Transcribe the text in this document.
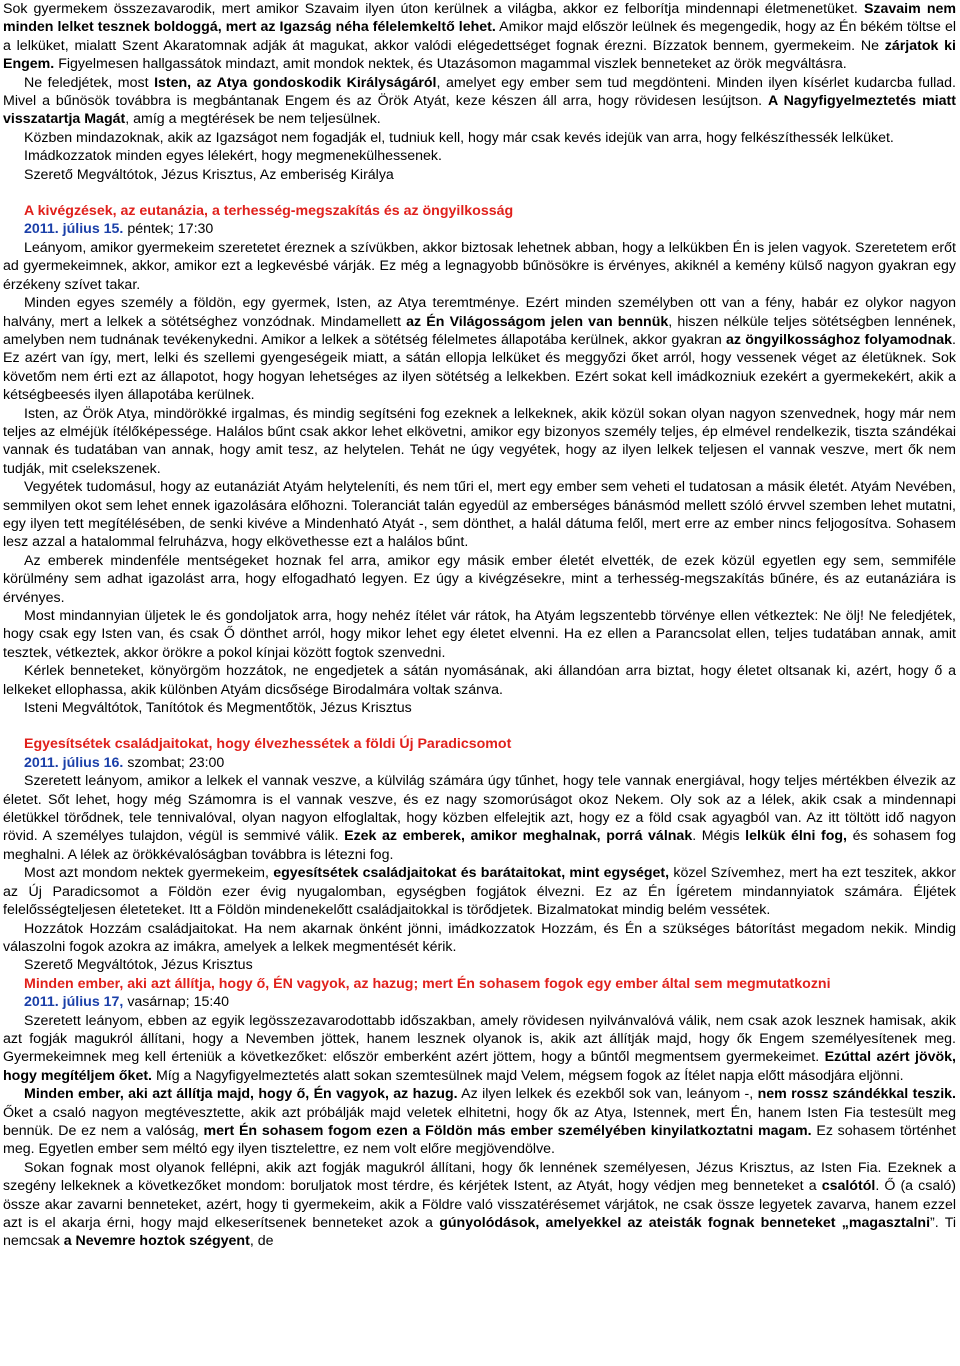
Sok gyermekem összezavarodik, mert amikor Szavaim ilyen úton kerülnek a világba, akkor ez felborítja mindennapi életmenetüket. Szavaim nem minden lelket tesznek boldoggá, mert az Igazság néha félelemkeltő lehet. Amikor majd először leülnek és megengedik, hogy az Én békém töltse el a lelküket, mialatt Szent Akaratomnak adják át magukat, akkor valódi elégedettséget fognak érezni. Bízzatok bennem, gyermekeim. Ne zárjatok ki Engem. Figyelmesen hallgassátok mindazt, amit mondok nektek, és Utazásomon magammal viszlek benneteket az örök megváltásra.

Ne feledjétek, most Isten, az Atya gondoskodik Királyságáról, amelyet egy ember sem tud megdönteni. Minden ilyen kísérlet kudarcba fullad. Mivel a bűnösök továbbra is megbántanak Engem és az Örök Atyát, keze készen áll arra, hogy rövidesen lesújtson. A Nagyfigyelmeztetés miatt visszatartja Magát, amíg a megtérések be nem teljesülnek.

Közben mindazoknak, akik az Igazságot nem fogadják el, tudniuk kell, hogy már csak kevés idejük van arra, hogy felkészíthessék lelküket.

Imádkozzatok minden egyes lélekért, hogy megmenekülhessenek.

Szerető Megváltótok, Jézus Krisztus, Az emberiség Királya

A kivégzések, az eutanázia, a terhesség-megszakítás és az öngyilkosság

2011. július 15. péntek; 17:30

Leányom, amikor gyermekeim szeretetet éreznek a szívükben, akkor biztosak lehetnek abban, hogy a lelkükben Én is jelen vagyok. Szeretetem erőt ad gyermekeimnek, akkor, amikor ezt a legkevésbé várják. Ez még a legnagyobb bűnösökre is érvényes, akiknél a kemény külső nagyon gyakran egy érzékeny szívet takar.

Minden egyes személy a földön, egy gyermek, Isten, az Atya teremtménye. Ezért minden személyben ott van a fény, habár ez olykor nagyon halvány, mert a lelkek a sötétséghez vonzódnak. Mindamellett az Én Világosságom jelen van bennük, hiszen nélküle teljes sötétségben lennének, amelyben nem tudnának tevékenykedni. Amikor a lelkek a sötétség félelmetes állapotába kerülnek, akkor gyakran az öngyilkossághoz folyamodnak. Ez azért van így, mert, lelki és szellemi gyengeségeik miatt, a sátán ellopja lelküket és meggyőzi őket arról, hogy vessenek véget az életüknek. Sok követőm nem érti ezt az állapotot, hogy hogyan lehetséges az ilyen sötétség a lelkekben. Ezért sokat kell imádkozniuk ezekért a gyermekekért, akik a kétségbeesés ilyen állapotába kerülnek.

Isten, az Örök Atya, mindörökké irgalmas, és mindig segítséni fog ezeknek a lelkeknek, akik közül sokan olyan nagyon szenvednek, hogy már nem teljes az elméjük ítélőképessége. Halálos bűnt csak akkor lehet elkövetni, amikor egy bizonyos személy teljes, ép elmével rendelkezik, tiszta szándékai vannak és tudatában van annak, hogy amit tesz, az helytelen. Tehát ne úgy vegyétek, hogy az ilyen lelkek teljesen el vannak veszve, mert ők nem tudják, mit cselekszenek.

Vegyétek tudomásul, hogy az eutanáziát Atyám helyteleníti, és nem tűri el, mert egy ember sem veheti el tudatosan a másik életét. Atyám Nevében, semmilyen okot sem lehet ennek igazolására előhozni. Toleranciát talán egyedül az emberséges bánásmód mellett szóló érvvel szemben lehet mutatni, egy ilyen tett megítélésében, de senki kivéve a Mindenható Atyát -, sem dönthet, a halál dátuma felől, mert erre az ember nincs feljogosítva. Sohasem lesz azzal a hatalommal felruházva, hogy elkövethesse ezt a halálos bűnt.

Az emberek mindenféle mentségeket hoznak fel arra, amikor egy másik ember életét elvették, de ezek közül egyetlen egy sem, semmiféle körülmény sem adhat igazolást arra, hogy elfogadható legyen. Ez úgy a kivégzésekre, mint a terhesség-megszakítás bűnére, és az eutanáziára is érvényes.

Most mindannyian üljetek le és gondoljatok arra, hogy nehéz ítélet vár rátok, ha Atyám legszentebb törvénye ellen vétkeztek: Ne ölj! Ne feledjétek, hogy csak egy Isten van, és csak Ő dönthet arról, hogy mikor lehet egy életet elvenni. Ha ez ellen a Parancsolat ellen, teljes tudatában annak, amit tesztek, vétkeztek, akkor örökre a pokol kínjai között fogtok szenvedni.

Kérlek benneteket, könyörgöm hozzátok, ne engedjetek a sátán nyomásának, aki állandóan arra biztat, hogy életet oltsanak ki, azért, hogy ő a lelkeket ellophassa, akik különben Atyám dicsősége Birodalmára voltak szánva.

Isteni Megváltótok, Tanítótok és Megmentőtök, Jézus Krisztus

Egyesítsétek családjaitokat, hogy élvezhessétek a földi Új Paradicsomot

2011. július 16. szombat; 23:00

Szeretett leányom, amikor a lelkek el vannak veszve, a külvilág számára úgy tűnhet, hogy tele vannak energiával, hogy teljes mértékben élvezik az életet. Sőt lehet, hogy még Számomra is el vannak veszve, és ez nagy szomorúságot okoz Nekem. Oly sok az a lélek, akik csak a mindennapi életükkel törődnek, tele tennivalóval, olyan nagyon elfoglaltak, hogy közben elfelejtik azt, hogy ez a föld csak agyagból van. Az itt töltött idő nagyon rövid. A személyes tulajdon, végül is semmivé válik. Ezek az emberek, amikor meghalnak, porrá válnak. Mégis lelkük élni fog, és sohasem fog meghalni. A lélek az örökkévalóságban továbbra is létezni fog.

Most azt mondom nektek gyermekeim, egyesítsétek családjaitokat és barátaitokat, mint egységet, közel Szívemhez, mert ha ezt teszitek, akkor az Új Paradicsomot a Földön ezer évig nyugalomban, egységben fogjátok élvezni. Ez az Én Ígéretem mindannyiatok számára. Éljétek felelősségteljesen életeteket. Itt a Földön mindenekelőtt családjaitokkal is törődjetek. Bizalmatokat mindig belém vessétek.

Hozzátok Hozzám családjaitokat. Ha nem akarnak önként jönni, imádkozzatok Hozzám, és Én a szükséges bátorítást megadom nekik. Mindig válaszolni fogok azokra az imákra, amelyek a lelkek megmentését kérik.

Szerető Megváltótok, Jézus Krisztus

Minden ember, aki azt állítja, hogy ő, ÉN vagyok, az hazug; mert Én sohasem fogok egy ember által sem megmutatkozni

2011. július 17, vasárnap; 15:40

Szeretett leányom, ebben az egyik legösszezavarodottabb időszakban, amely rövidesen nyilvánvalóvá válik, nem csak azok lesznek hamisak, akik azt fogják magukról állítani, hogy a Nevemben jöttek, hanem lesznek olyanok is, akik azt állítják majd, hogy ők Engem személyesítenek meg. Gyermekeimnek meg kell érteniük a következőket: először emberként azért jöttem, hogy a bűntől megmentsem gyermekeimet. Ezúttal azért jövök, hogy megítéljem őket. Míg a Nagyfigyelmeztetés alatt sokan szemtesülnek majd Velem, mégsem fogok az Ítélet napja előtt másodjára eljönni.

Minden ember, aki azt állítja majd, hogy ő, Én vagyok, az hazug. Az ilyen lelkek és ezekből sok van, leányom -, nem rossz szándékkal teszik. Őket a csaló nagyon megtévesztette, akik azt próbálják majd veletek elhitetni, hogy ők az Atya, Istennek, mert Én, hanem Isten Fia testesült meg bennük. De ez nem a valóság, mert Én sohasem fogom ezen a Földön más ember személyében kinyilatkoztatni magam. Ez sohasem történhet meg. Egyetlen ember sem méltó egy ilyen tisztelettre, ez nem volt előre megjövendölve.

Sokan fognak most olyanok fellépni, akik azt fogják magukról állítani, hogy ők lennének személyesen, Jézus Krisztus, az Isten Fia. Ezeknek a szegény lelkeknek a következőket mondom: boruljatok most térdre, és kérjétek Istent, az Atyát, hogy védjen meg benneteket a csalótól. Ő (a csaló) össze akar zavarni benneteket, azért, hogy ti gyermekeim, akik a Földre való visszatérésemet várjátok, ne csak össze legyetek zavarva, hanem ezzel azt is el akarja érni, hogy majd elkeserítsenek benneteket azok a gúnyolódások, amelyekkel az ateisták fognak benneteket „magasztalni”. Ti nemcsak a Nevemre hoztok szégyent, de
